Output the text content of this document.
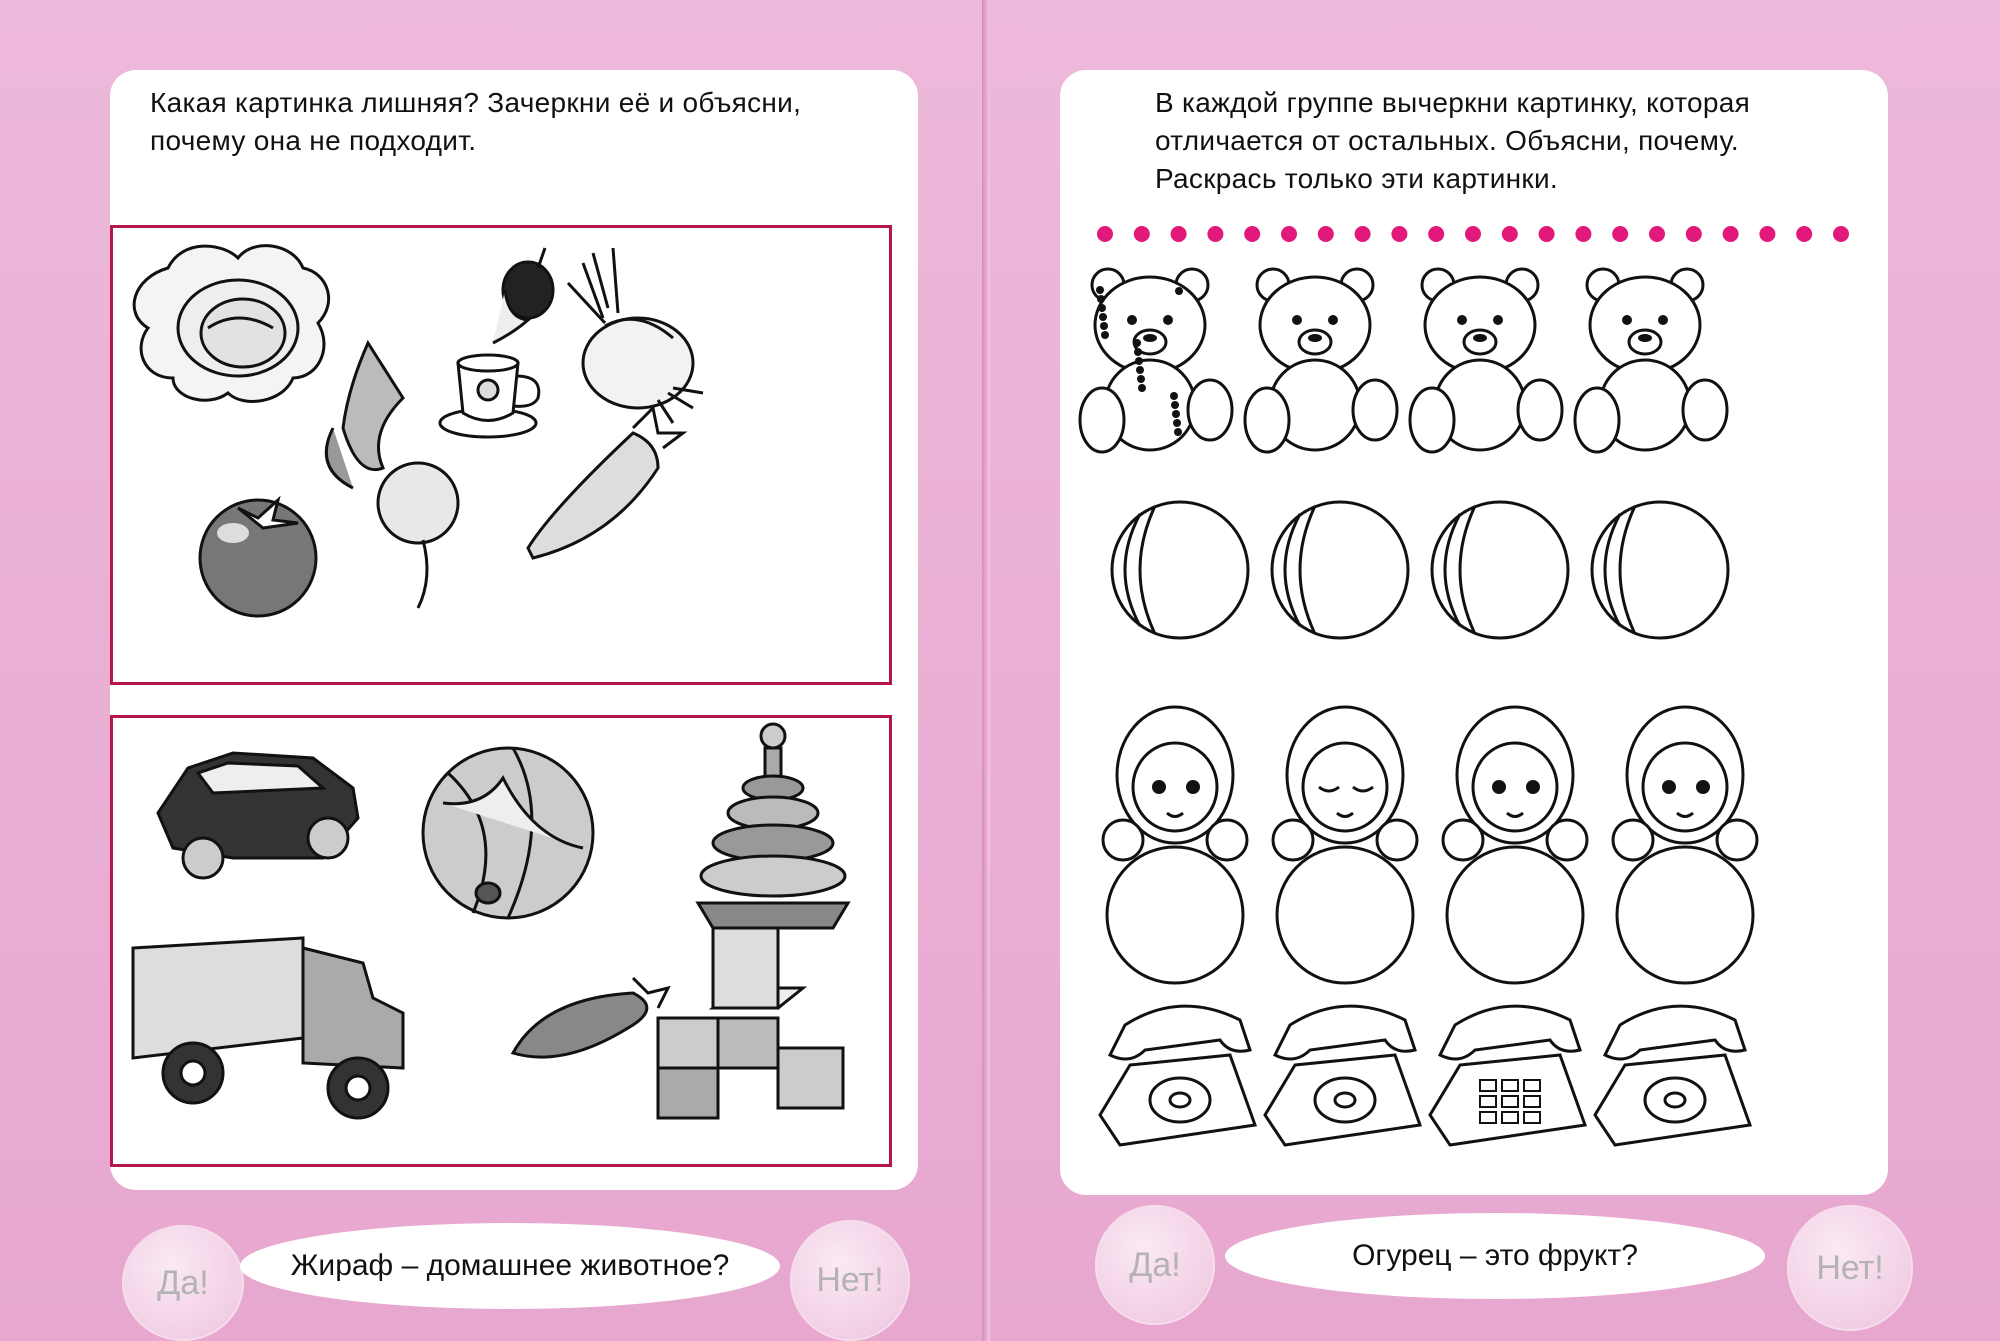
Какая картинка лишняя? Зачеркни её и объясни,
почему она не подходит.
Да!	Жираф – домашнее животное?	Нет!
В каждой группе вычеркни картинку, которая
отличается от остальных. Объясни, почему.
Раскрась только эти картинки.
Да!	Огурец – это фрукт?	Нет!
